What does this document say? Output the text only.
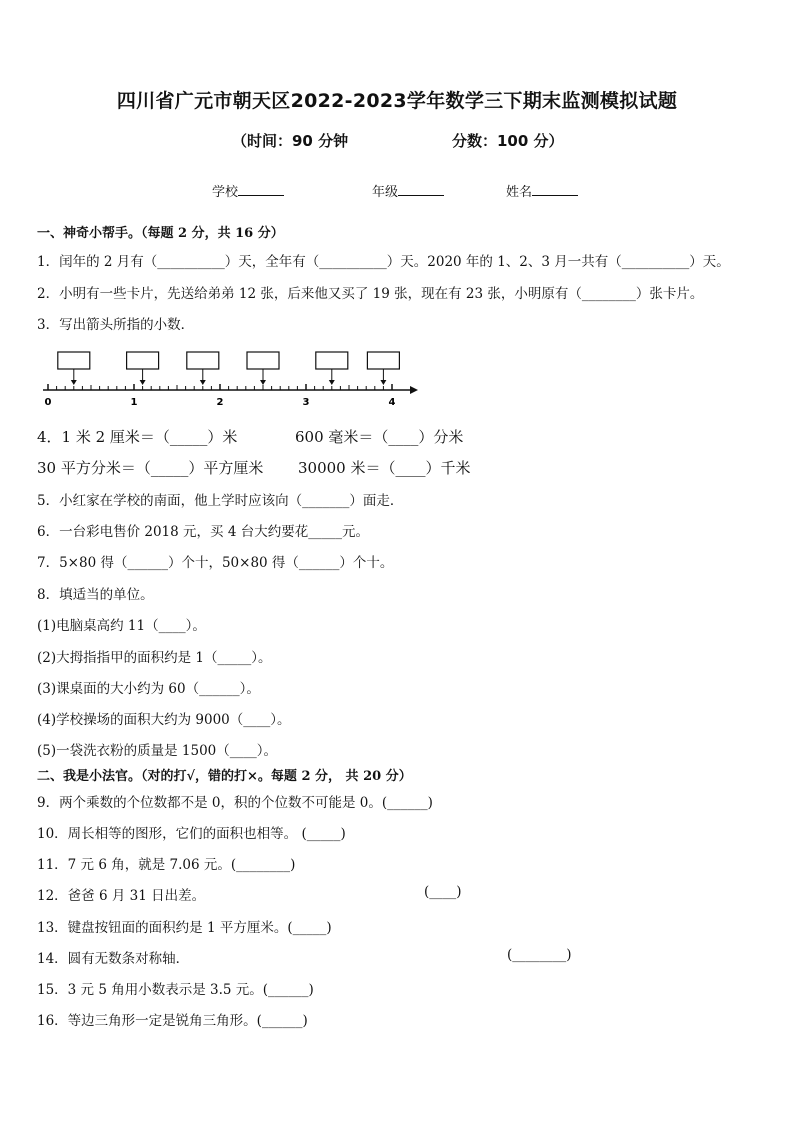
四川省广元市朝天区2022-2023学年数学三下期末监测模拟试题
（时间：90 分钟	分数：100 分）
学校	年级	姓名
一、神奇小帮手。（每题 2 分，共 16 分）
1．闰年的 2 月有（__________）天，全年有（__________）天。2020 年的 1、2、3 月一共有（__________）天。
2．小明有一些卡片，先送给弟弟 12 张，后来他又买了 19 张，现在有 23 张，小明原有（________）张卡片。
3．写出箭头所指的小数．
0	1	2	3	4
4．1 米 2 厘米＝（_____）米	600 毫米＝（____）分米
30 平方分米＝（_____）平方厘米 30000 米＝（____）千米
5．小红家在学校的南面，他上学时应该向（_______）面走．
6．一台彩电售价 2018 元，买 4 台大约要花_____元。
7．5×80 得（______）个十，50×80 得（______）个十。
8．填适当的单位。
(1)电脑桌高约 11（____）。
(2)大拇指指甲的面积约是 1（_____）。
(3)课桌面的大小约为 60（______）。
(4)学校操场的面积大约为 9000（____）。
(5)一袋洗衣粉的质量是 1500（____）。
二、我是小法官。（对的打√，错的打×。每题 2 分， 共 20 分）
9．两个乘数的个位数都不是 0，积的个位数不可能是 0。(______)
10．周长相等的图形，它们的面积也相等。 (_____)
11．7 元 6 角，就是 7.06 元。(________)
12．爸爸 6 月 31 日出差。	(____)
13．键盘按钮面的面积约是 1 平方厘米。(_____)
14．圆有无数条对称轴．	(________)
15．3 元 5 角用小数表示是 3.5 元。(______)
16．等边三角形一定是锐角三角形。(______)
